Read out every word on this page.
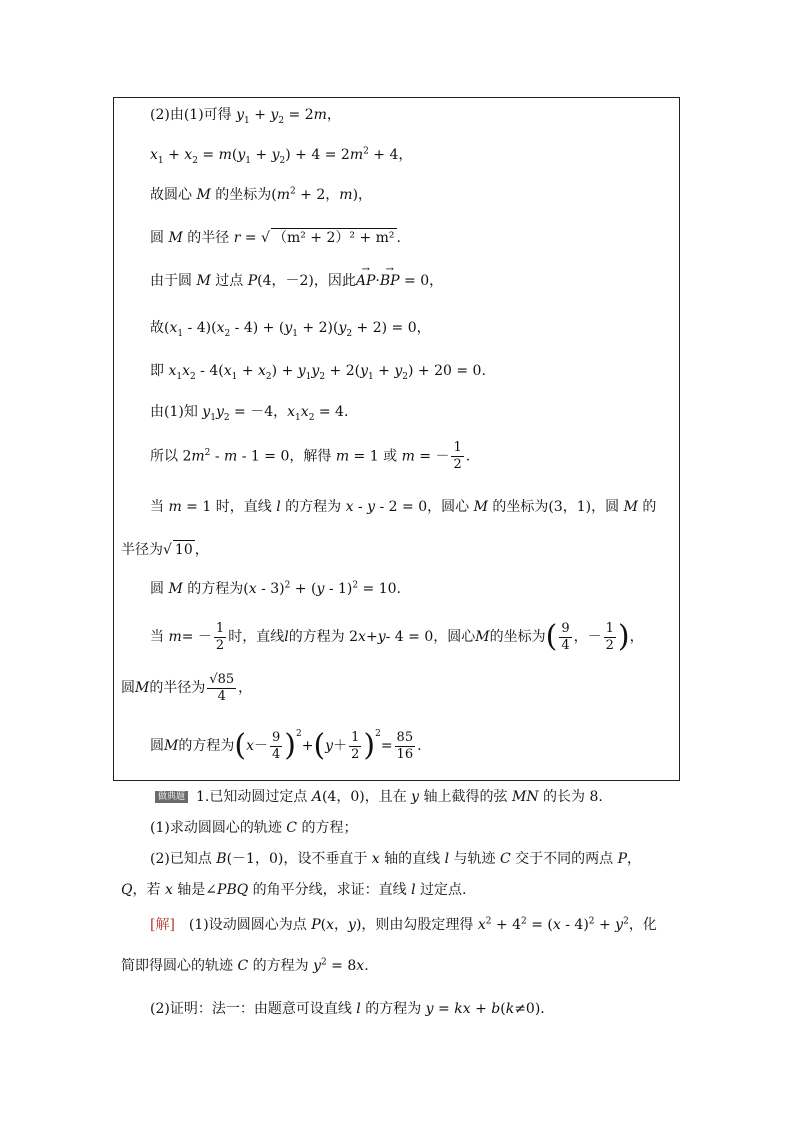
(2)由(1)可得 $y_1 + y_2 = 2m$，
$x_1 + x_2 = m(y_1 + y_2) + 4 = 2m^2 + 4$，
故圆心 M 的坐标为($m^2 + 2$，m)，
圆 M 的半径 r = √ （m² + 2）² + m² .
由于圆 M 过点 P(4，－2)，因此→ AP·→ BP = 0，
故$(x_1 - 4)(x_2 - 4) + (y_1 + 2)(y_2 + 2) = 0$，
即 $x_1x_2 - 4(x_1 + x_2) + y_1y_2 + 2(y_1 + y_2) + 20 = 0$.
由(1)知 $y_1y_2 = -4$，$x_1x_2 = 4$.
所以 $2m^2 - m - 1 = 0$，解得 m = 1 或 m = － $\frac{1}{2}$ .
当 m = 1 时，直线 l 的方程为 x - y - 2 = 0，圆心 M 的坐标为(3，1)，圆 M 的
半径为√ 10 ，
圆 M 的方程为(x - 3)$^2$ + (y - 1)$^2$ = 10.
当
m = － $\frac{1}{2}$ 时，直线 l 的方程为 2 x + y - 4 = 0，圆心 M 的坐标为 ( $\frac{9}{4}$ ，－ $\frac{1}{2}$ ) ，
圆 M 的半径为 $\frac{√85}{4}$ ，
圆 M 的方程为 ( $x - \frac{9}{4}$ ) 2
+ ( $y + \frac{1}{2}$ ) 2
= $\frac{85}{16}$ .
做典题 1.已知动圆过定点 A(4，0)，且在 y 轴上截得的弦 MN 的长为 8.
(1)求动圆圆心的轨迹 C 的方程；
(2)已知点 B(－1，0)，设不垂直于 x 轴的直线 l 与轨迹 C 交于不同的两点 P，
Q，若 x 轴是∠PBQ 的角平分线，求证：直线 l 过定点.
[解]　(1)设动圆圆心为点 P(x，y)，则由勾股定理得 $x^2 + 4^2 = (x - 4)^2 + y^2$，化
简即得圆心的轨迹 C 的方程为 $y^2 = 8x$.
(2)证明：法一：由题意可设直线 l 的方程为 y = kx + b(k≠0).
